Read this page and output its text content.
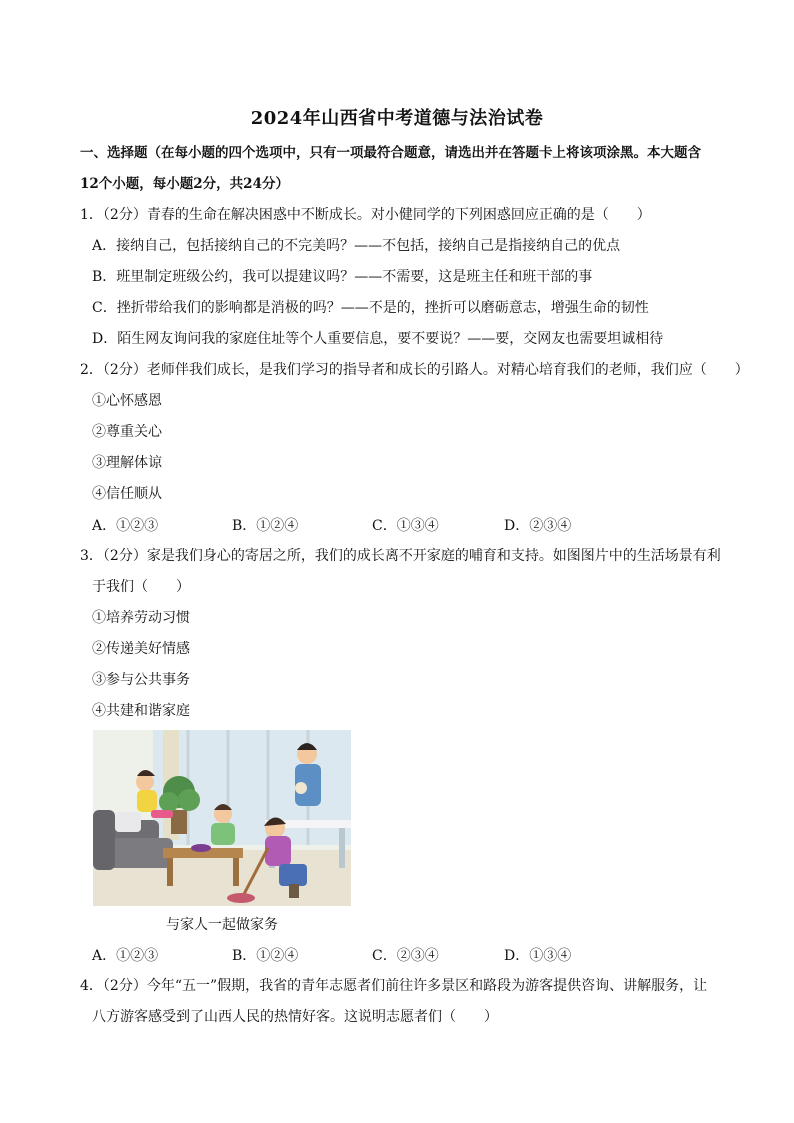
2024年山西省中考道德与法治试卷
一、选择题（在每小题的四个选项中，只有一项最符合题意，请选出并在答题卡上将该项涂黑。本大题含
12个小题，每小题2分，共24分）
1．（2分）青春的生命在解决困惑中不断成长。对小健同学的下列困惑回应正确的是（　　）
A．接纳自己，包括接纳自己的不完美吗？——不包括，接纳自己是指接纳自己的优点
B．班里制定班级公约，我可以提建议吗？——不需要，这是班主任和班干部的事
C．挫折带给我们的影响都是消极的吗？——不是的，挫折可以磨砺意志，增强生命的韧性
D．陌生网友询问我的家庭住址等个人重要信息，要不要说？——要，交网友也需要坦诚相待
2．（2分）老师伴我们成长，是我们学习的指导者和成长的引路人。对精心培育我们的老师，我们应（　　）
①心怀感恩
②尊重关心
③理解体谅
④信任顺从
A．①②③	B．①②④	C．①③④	D．②③④
3．（2分）家是我们身心的寄居之所，我们的成长离不开家庭的哺育和支持。如图图片中的生活场景有利
于我们（　　）
①培养劳动习惯
②传递美好情感
③参与公共事务
④共建和谐家庭
与家人一起做家务
A．①②③	B．①②④	C．②③④	D．①③④
4．（2分）今年“五一”假期，我省的青年志愿者们前往许多景区和路段为游客提供咨询、讲解服务，让
八方游客感受到了山西人民的热情好客。这说明志愿者们（　　）
